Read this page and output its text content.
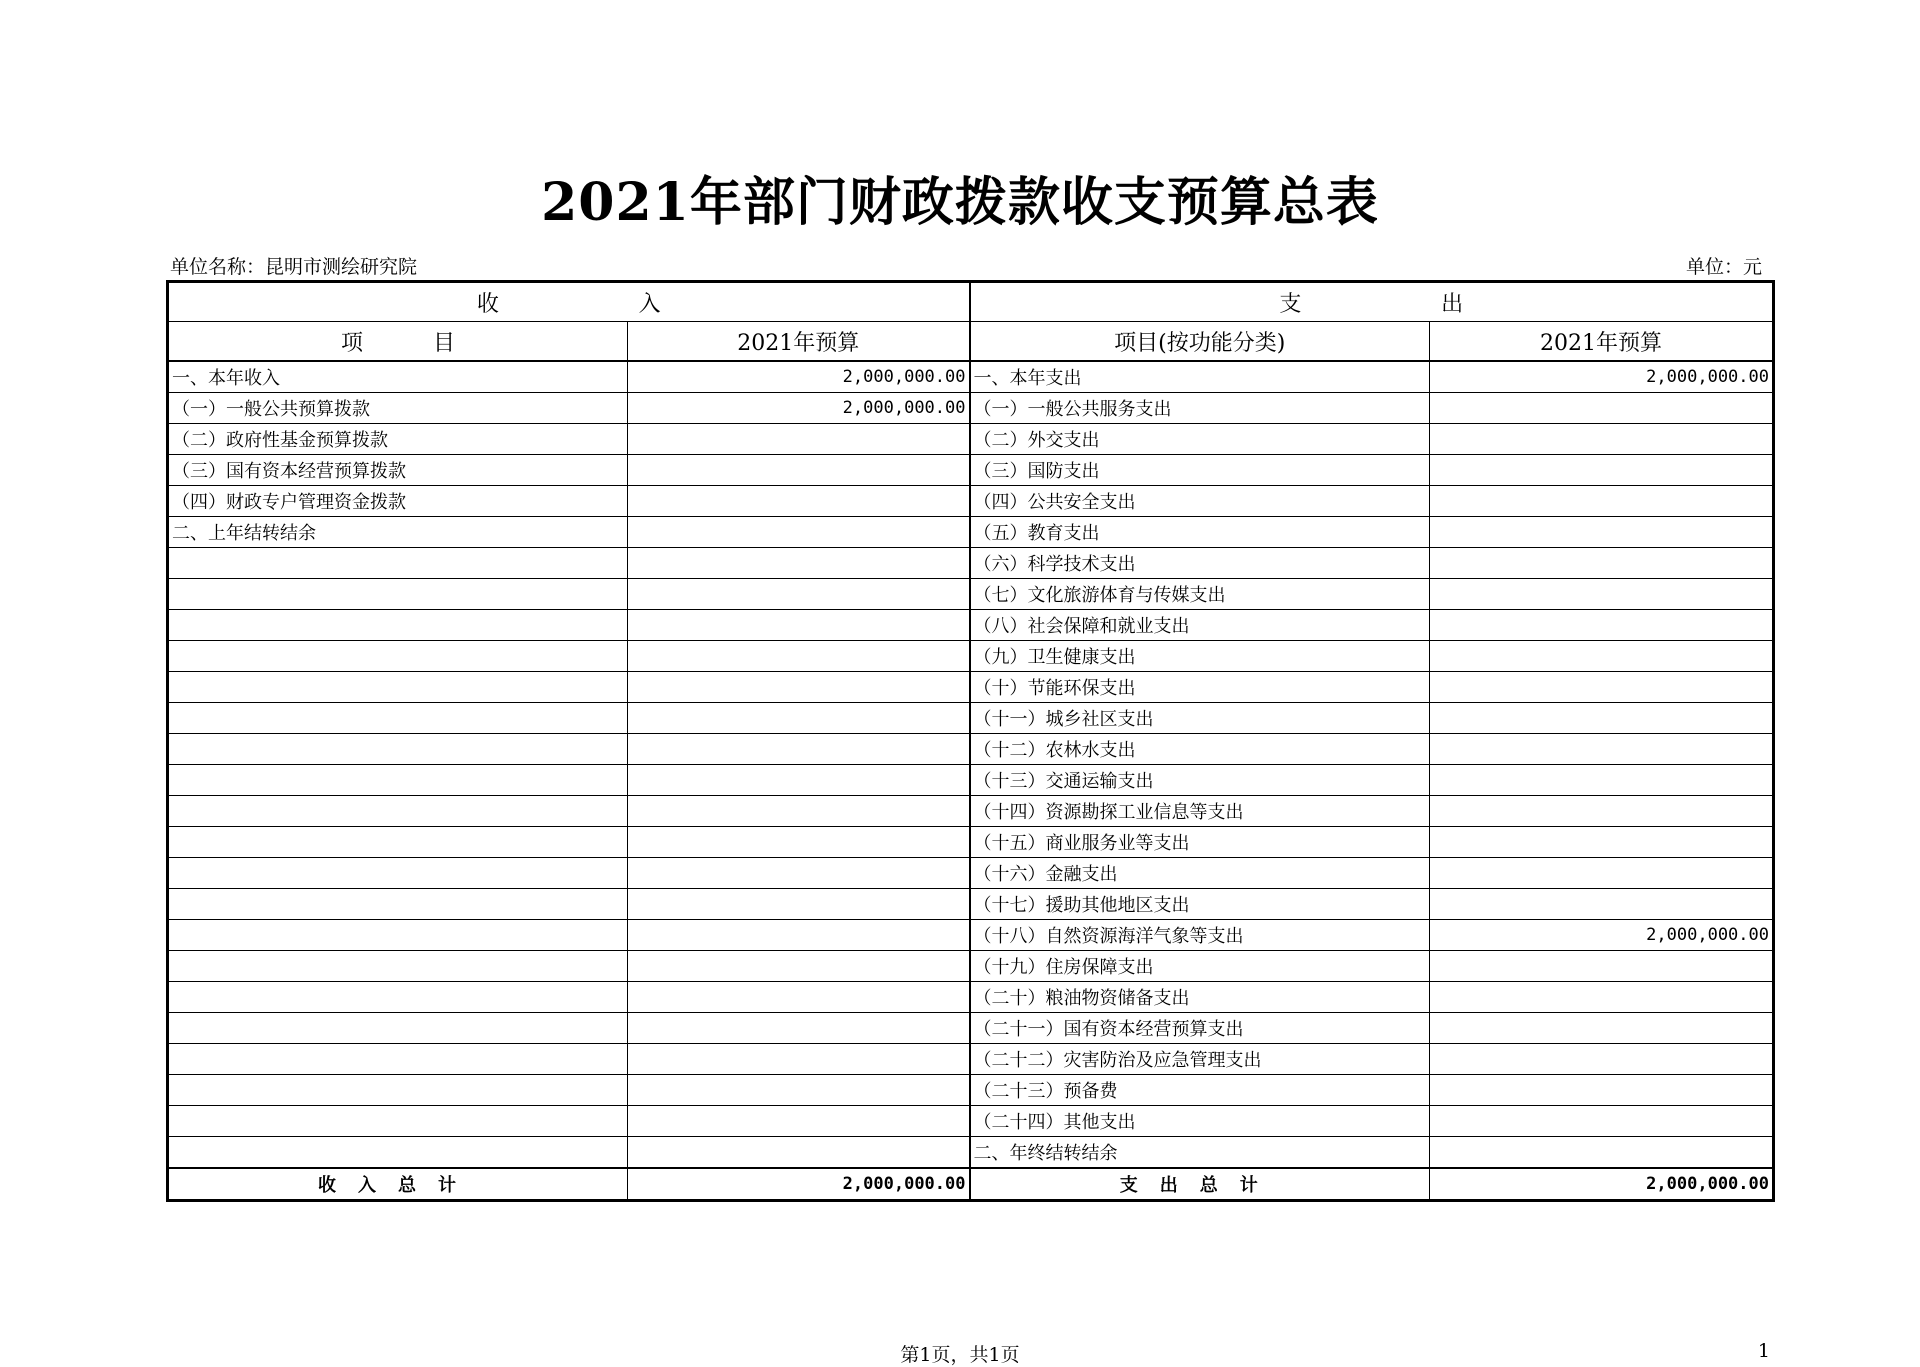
2021年部门财政拨款收支预算总表
单位名称：昆明市测绘研究院	单位：元
收                    入		支                    出	
项          目	2021年预算	项目(按功能分类)	2021年预算
一、本年收入	2,000,000.00	一、本年支出	2,000,000.00
（一）一般公共预算拨款	2,000,000.00	（一）一般公共服务支出	
（二）政府性基金预算拨款		（二）外交支出	
（三）国有资本经营预算拨款		（三）国防支出	
（四）财政专户管理资金拨款		（四）公共安全支出	
二、上年结转结余		（五）教育支出	
		（六）科学技术支出	
		（七）文化旅游体育与传媒支出	
		（八）社会保障和就业支出	
		（九）卫生健康支出	
		（十）节能环保支出	
		（十一）城乡社区支出	
		（十二）农林水支出	
		（十三）交通运输支出	
		（十四）资源勘探工业信息等支出	
		（十五）商业服务业等支出	
		（十六）金融支出	
		（十七）援助其他地区支出	
		（十八）自然资源海洋气象等支出	2,000,000.00
		（十九）住房保障支出	
		（二十）粮油物资储备支出	
		（二十一）国有资本经营预算支出	
		（二十二）灾害防治及应急管理支出	
		（二十三）预备费	
		（二十四）其他支出	
		二、年终结转结余	
收入总计	2,000,000.00	支出总计	2,000,000.00
第1页，共1页	1
